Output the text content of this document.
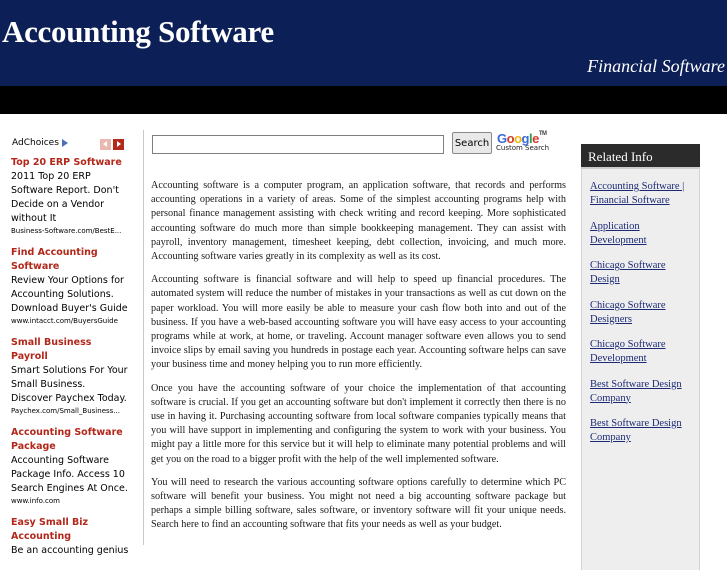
Accounting Software
Financial Software
AdChoices
Top 20 ERP Software
2011 Top 20 ERP Software Report. Don't Decide on a Vendor without It
Business-Software.com/BestE...
Find Accounting Software
Review Your Options for Accounting Solutions. Download Buyer's Guide
www.intacct.com/BuyersGuide
Small Business Payroll
Smart Solutions For Your Small Business. Discover Paychex Today.
Paychex.com/Small_Business...
Accounting Software Package
Accounting Software Package Info. Access 10 Search Engines At Once.
www.info.com
Easy Small Biz Accounting
Be an accounting genius
Search Google™
Custom Search

Accounting software is a computer program, an application software, that records and performs accounting operations in a variety of areas. Some of the simplest accounting programs help with personal finance management assisting with check writing and record keeping. More sophisticated accounting software do much more than simple bookkeeping management. They can assist with payroll, inventory management, timesheet keeping, debt collection, invoicing, and much more. Accounting software varies greatly in its complexity as well as its cost.

Accounting software is financial software and will help to speed up financial procedures. The automated system will reduce the number of mistakes in your transactions as well as cut down on the paper workload. You will more easily be able to measure your cash flow both into and out of the business. If you have a web-based accounting software you will have easy access to your accounting programs while at work, at home, or traveling. Account manager software even allows you to send invoice slips by email saving you hundreds in postage each year. Accounting software helps can save your business time and money helping you to run more efficiently.

Once you have the accounting software of your choice the implementation of that accounting software is crucial. If you get an accounting software but don't implement it correctly then there is no use in having it. Purchasing accounting software from local software companies typically means that you will have support in implementing and configuring the system to work with your business. You might pay a little more for this service but it will help to eliminate many potential problems and will get you on the road to a bigger profit with the help of the well implemented software.

You will need to research the various accounting software options carefully to determine which PC software will benefit your business. You might not need a big accounting software package but perhaps a simple billing software, sales software, or inventory software will fit your unique needs. Search here to find an accounting software that fits your needs as well as your budget.

Related Info
Accounting Software | Financial Software
Application Development
Chicago Software Design
Chicago Software Designers
Chicago Software Development
Best Software Design Company
Best Software Design Company
